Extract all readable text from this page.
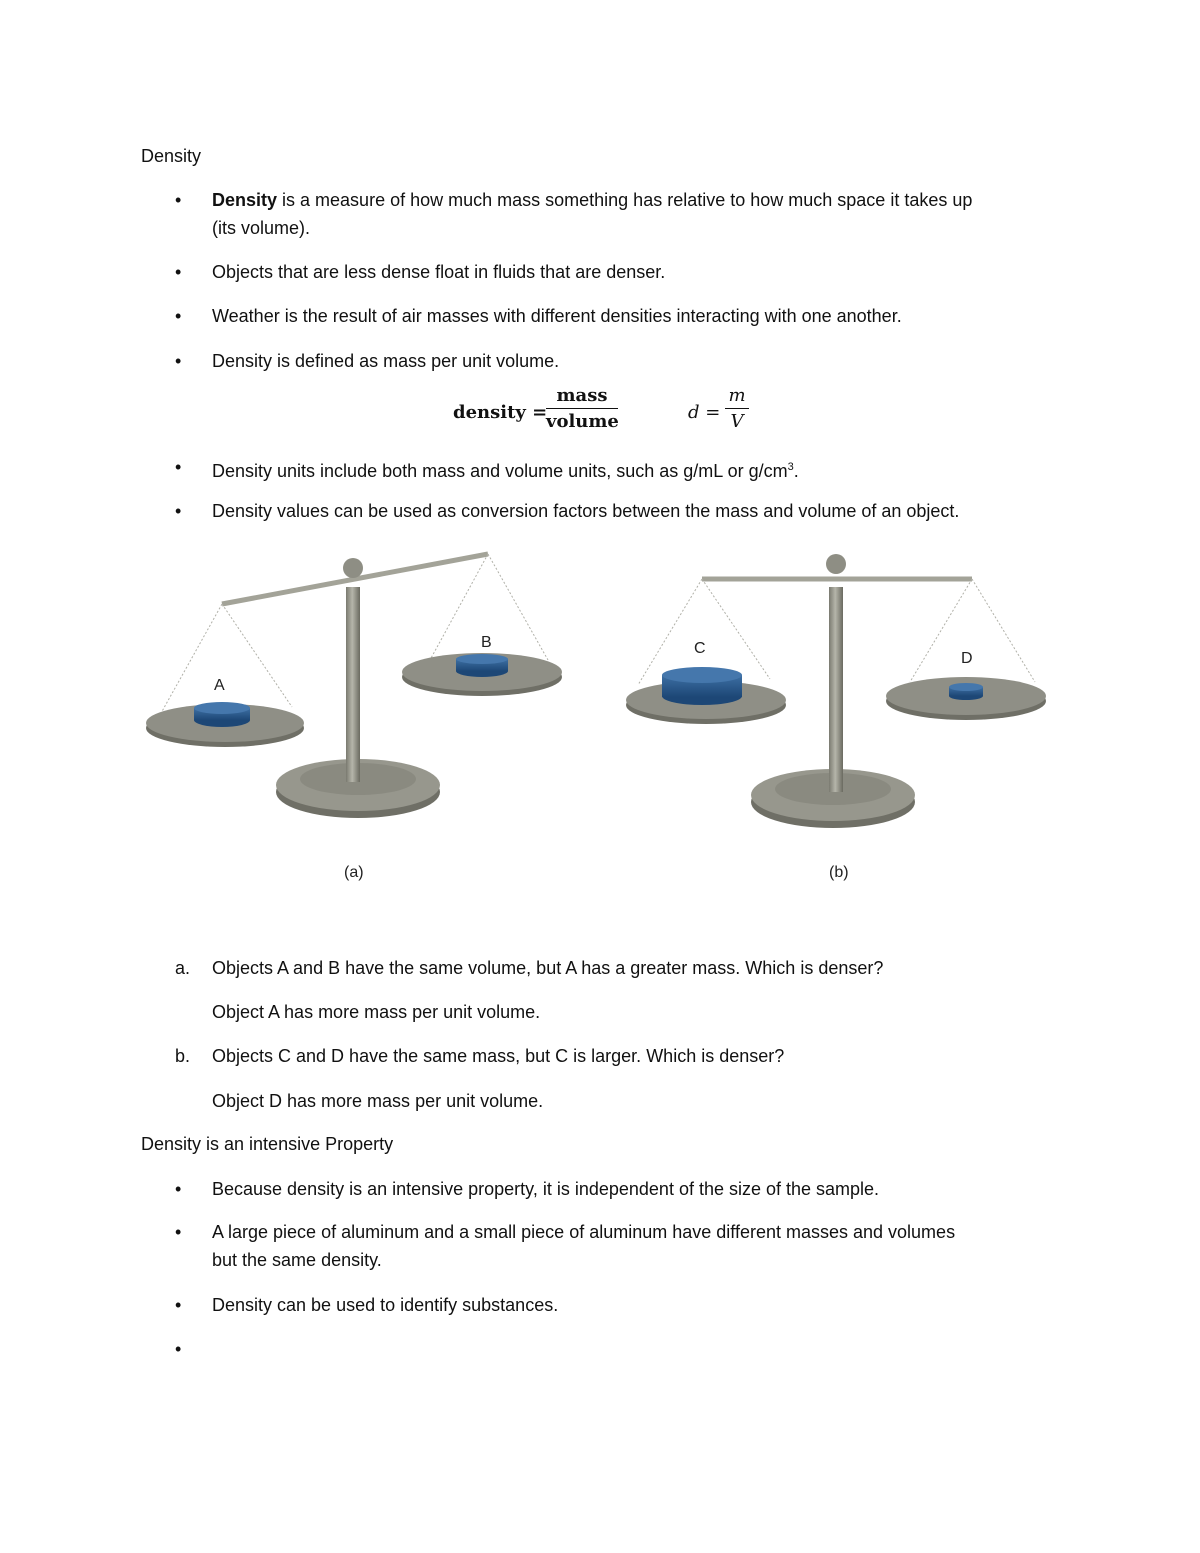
Density
•	Density is a measure of how much mass something has relative to how much space it takes up
(its volume).
•	Objects that are less dense float in fluids that are denser.
•	Weather is the result of air masses with different densities interacting with one another.
•	Density is defined as mass per unit volume.
density =
mass
volume	$d = \frac{m}{V}$
•	Density units include both mass and volume units, such as g/mL or $g/cm^3$.
•	Density values can be used as conversion factors between the mass and volume of an object.
A
B
(a)
C
D
(b)
a. Objects A and B have the same volume, but A has a greater mass. Which is denser?
Object A has more mass per unit volume.
b. Objects C and D have the same mass, but C is larger. Which is denser?
Object D has more mass per unit volume.
Density is an intensive Property
•	Because density is an intensive property, it is independent of the size of the sample.
•	A large piece of aluminum and a small piece of aluminum have different masses and volumes
but the same density.
•	Density can be used to identify substances.
•
